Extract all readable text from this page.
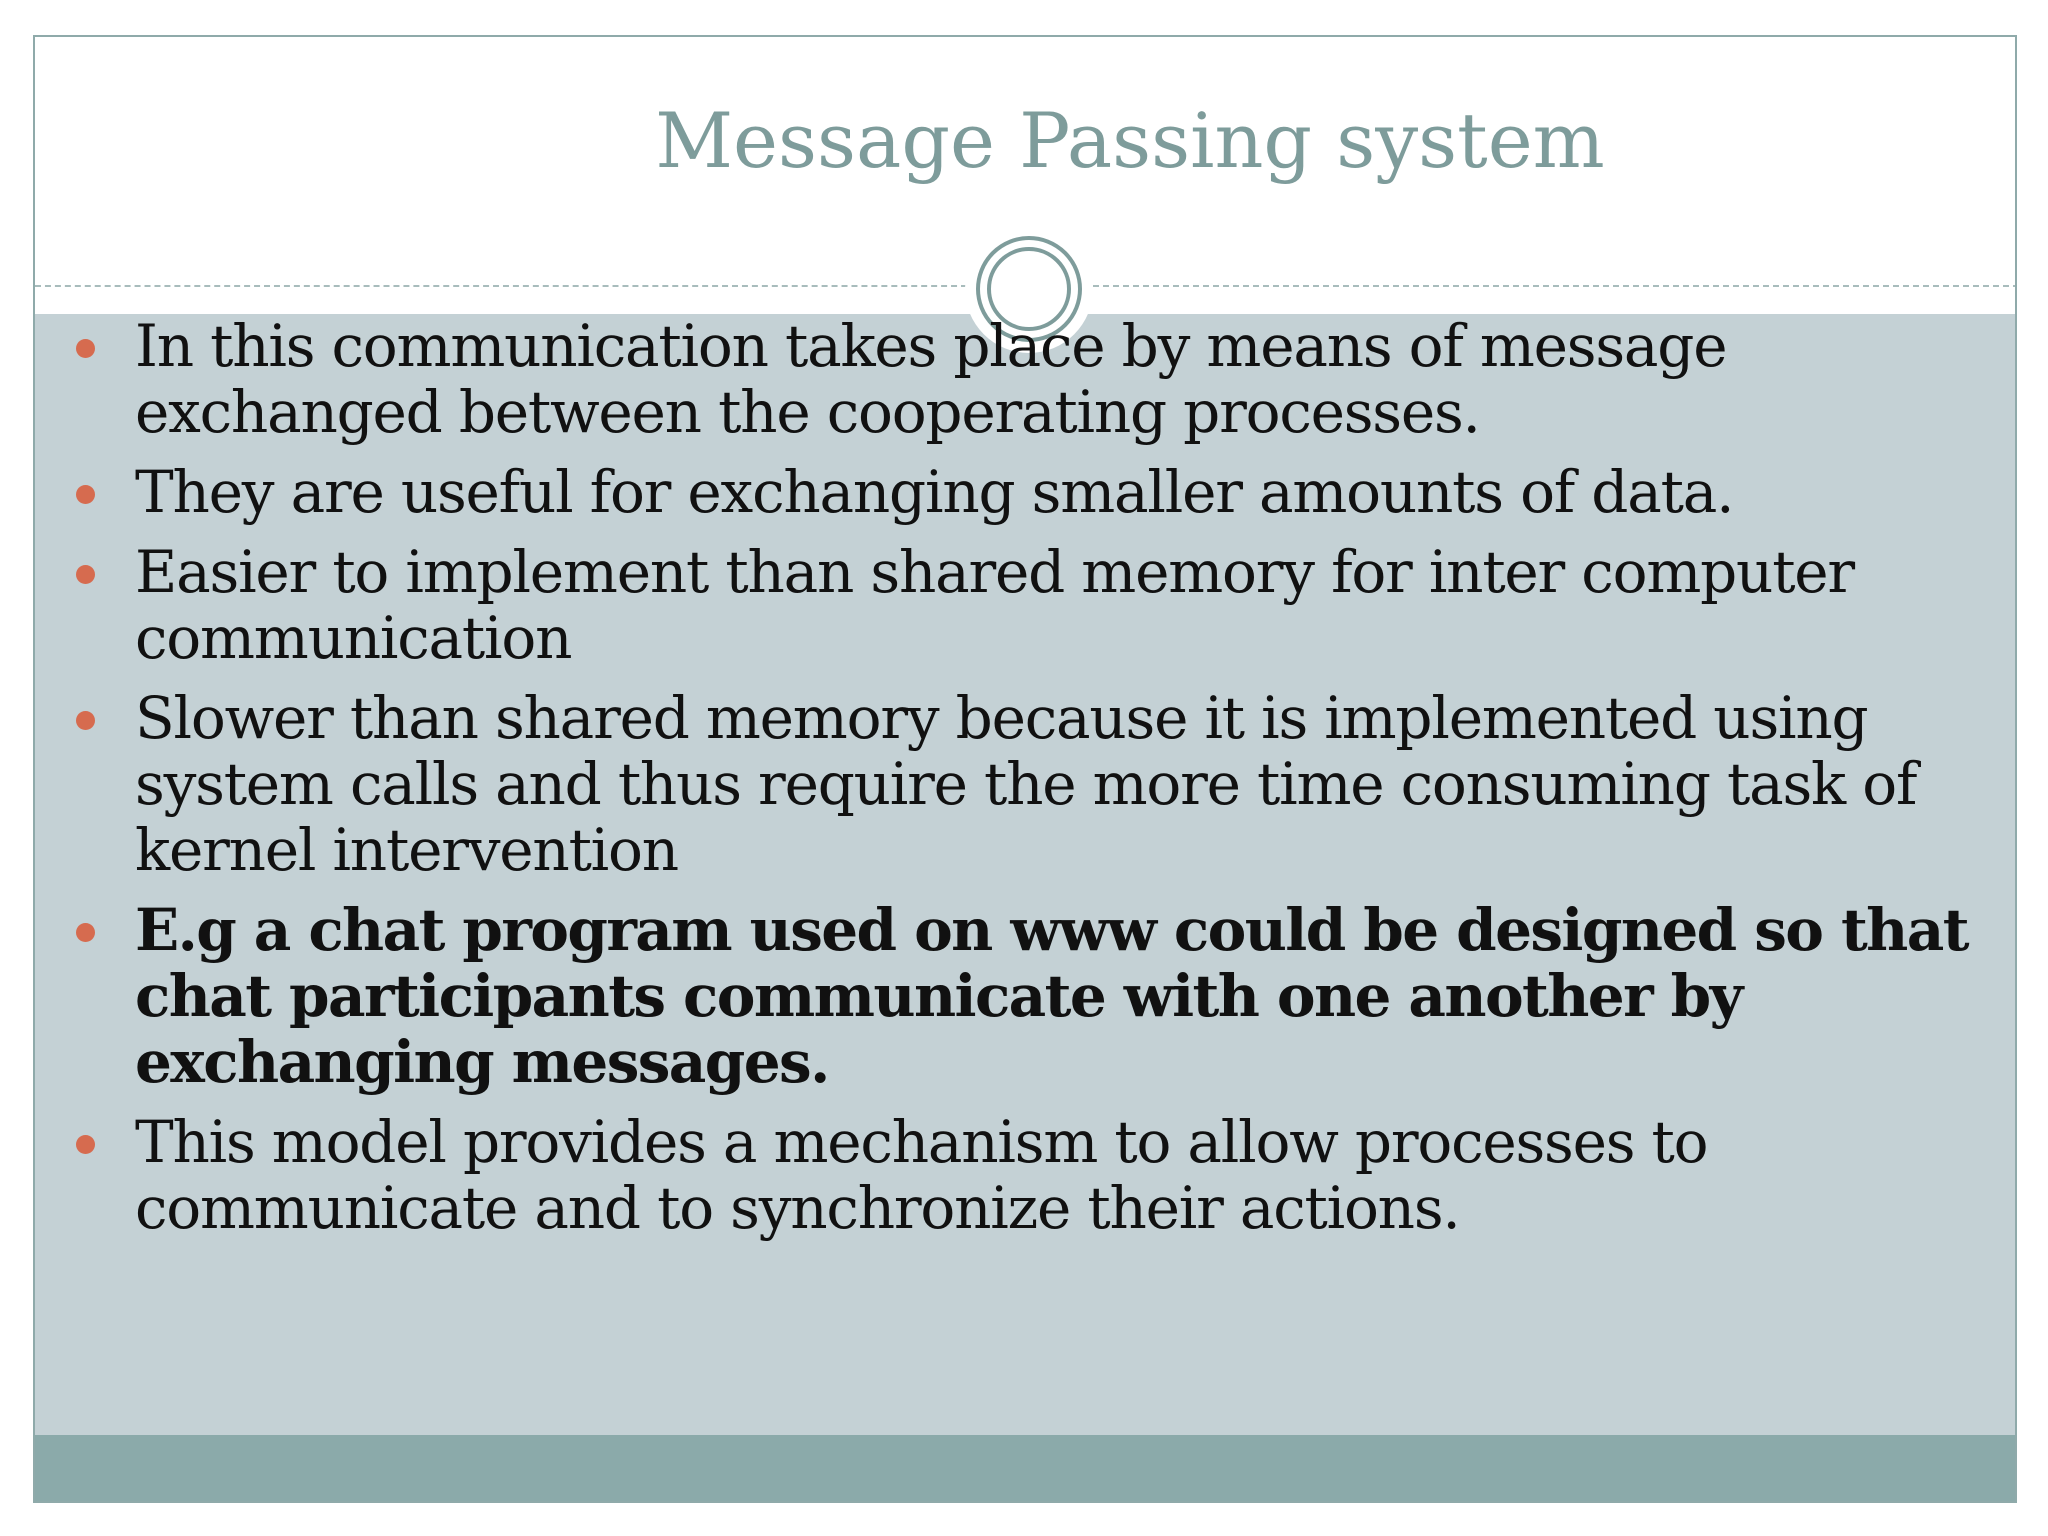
Message Passing system
In this communication takes place by means of message exchanged between the cooperating processes.
They are useful for exchanging smaller amounts of data.
Easier to implement than shared memory for inter computer communication
Slower than shared memory because it is implemented using system calls and thus require the more time consuming task of kernel intervention
E.g a chat program used on www could be designed so that chat participants communicate with one another by exchanging messages.
This model provides a mechanism to allow processes to communicate and to synchronize their actions.
